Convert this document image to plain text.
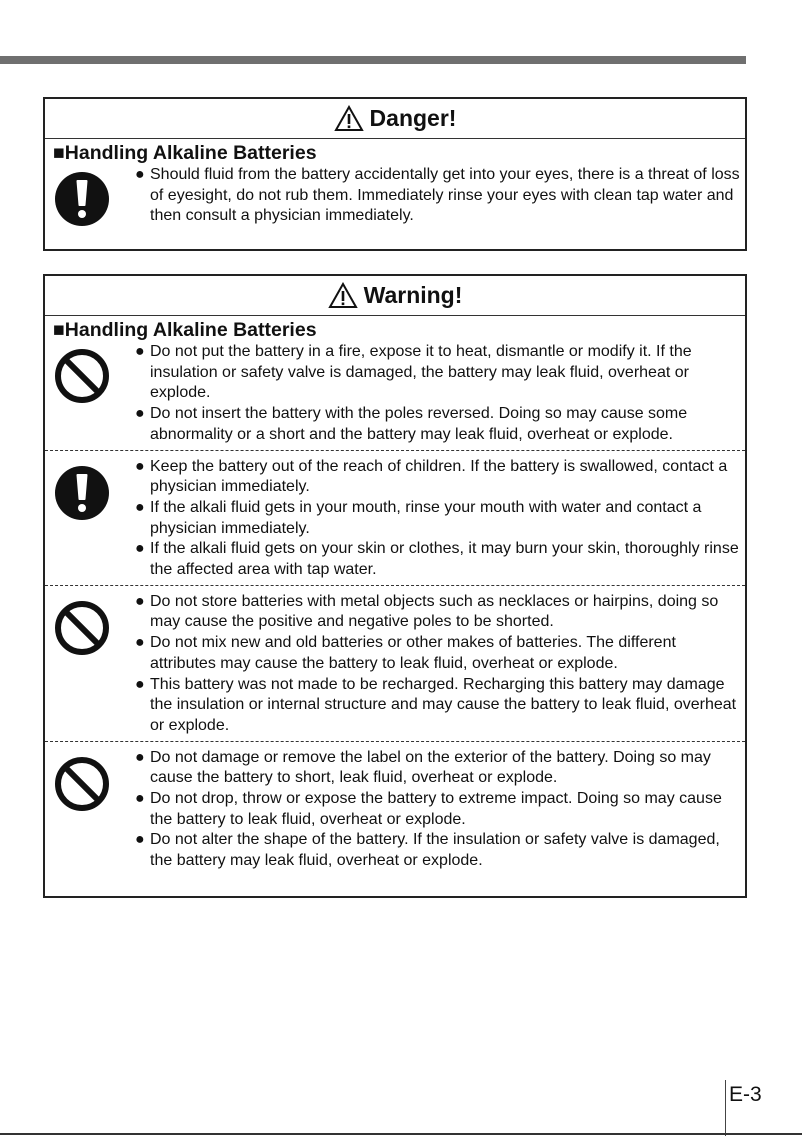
Danger!
■Handling Alkaline Batteries
● Should fluid from the battery accidentally get into your eyes, there is a threat of loss of eyesight, do not rub them. Immediately rinse your eyes with clean tap water and then consult a physician immediately.
Warning!
■Handling Alkaline Batteries
● Do not put the battery in a fire, expose it to heat, dismantle or modify it. If the insulation or safety valve is damaged, the battery may leak fluid, overheat or explode.
● Do not insert the battery with the poles reversed. Doing so may cause some abnormality or a short and the battery may leak fluid, overheat or explode.
● Keep the battery out of the reach of children. If the battery is swallowed, contact a physician immediately.
● If the alkali fluid gets in your mouth, rinse your mouth with water and contact a physician immediately.
● If the alkali fluid gets on your skin or clothes, it may burn your skin, thoroughly rinse the affected area with tap water.
● Do not store batteries with metal objects such as necklaces or hairpins, doing so may cause the positive and negative poles to be shorted.
● Do not mix new and old batteries or other makes of batteries. The different attributes may cause the battery to leak fluid, overheat or explode.
● This battery was not made to be recharged. Recharging this battery may damage the insulation or internal structure and may cause the battery to leak fluid, overheat or explode.
● Do not damage or remove the label on the exterior of the battery. Doing so may cause the battery to short, leak fluid, overheat or explode.
● Do not drop, throw or expose the battery to extreme impact. Doing so may cause the battery to leak fluid, overheat or explode.
● Do not alter the shape of the battery. If the insulation or safety valve is damaged, the battery may leak fluid, overheat or explode.
E-3
